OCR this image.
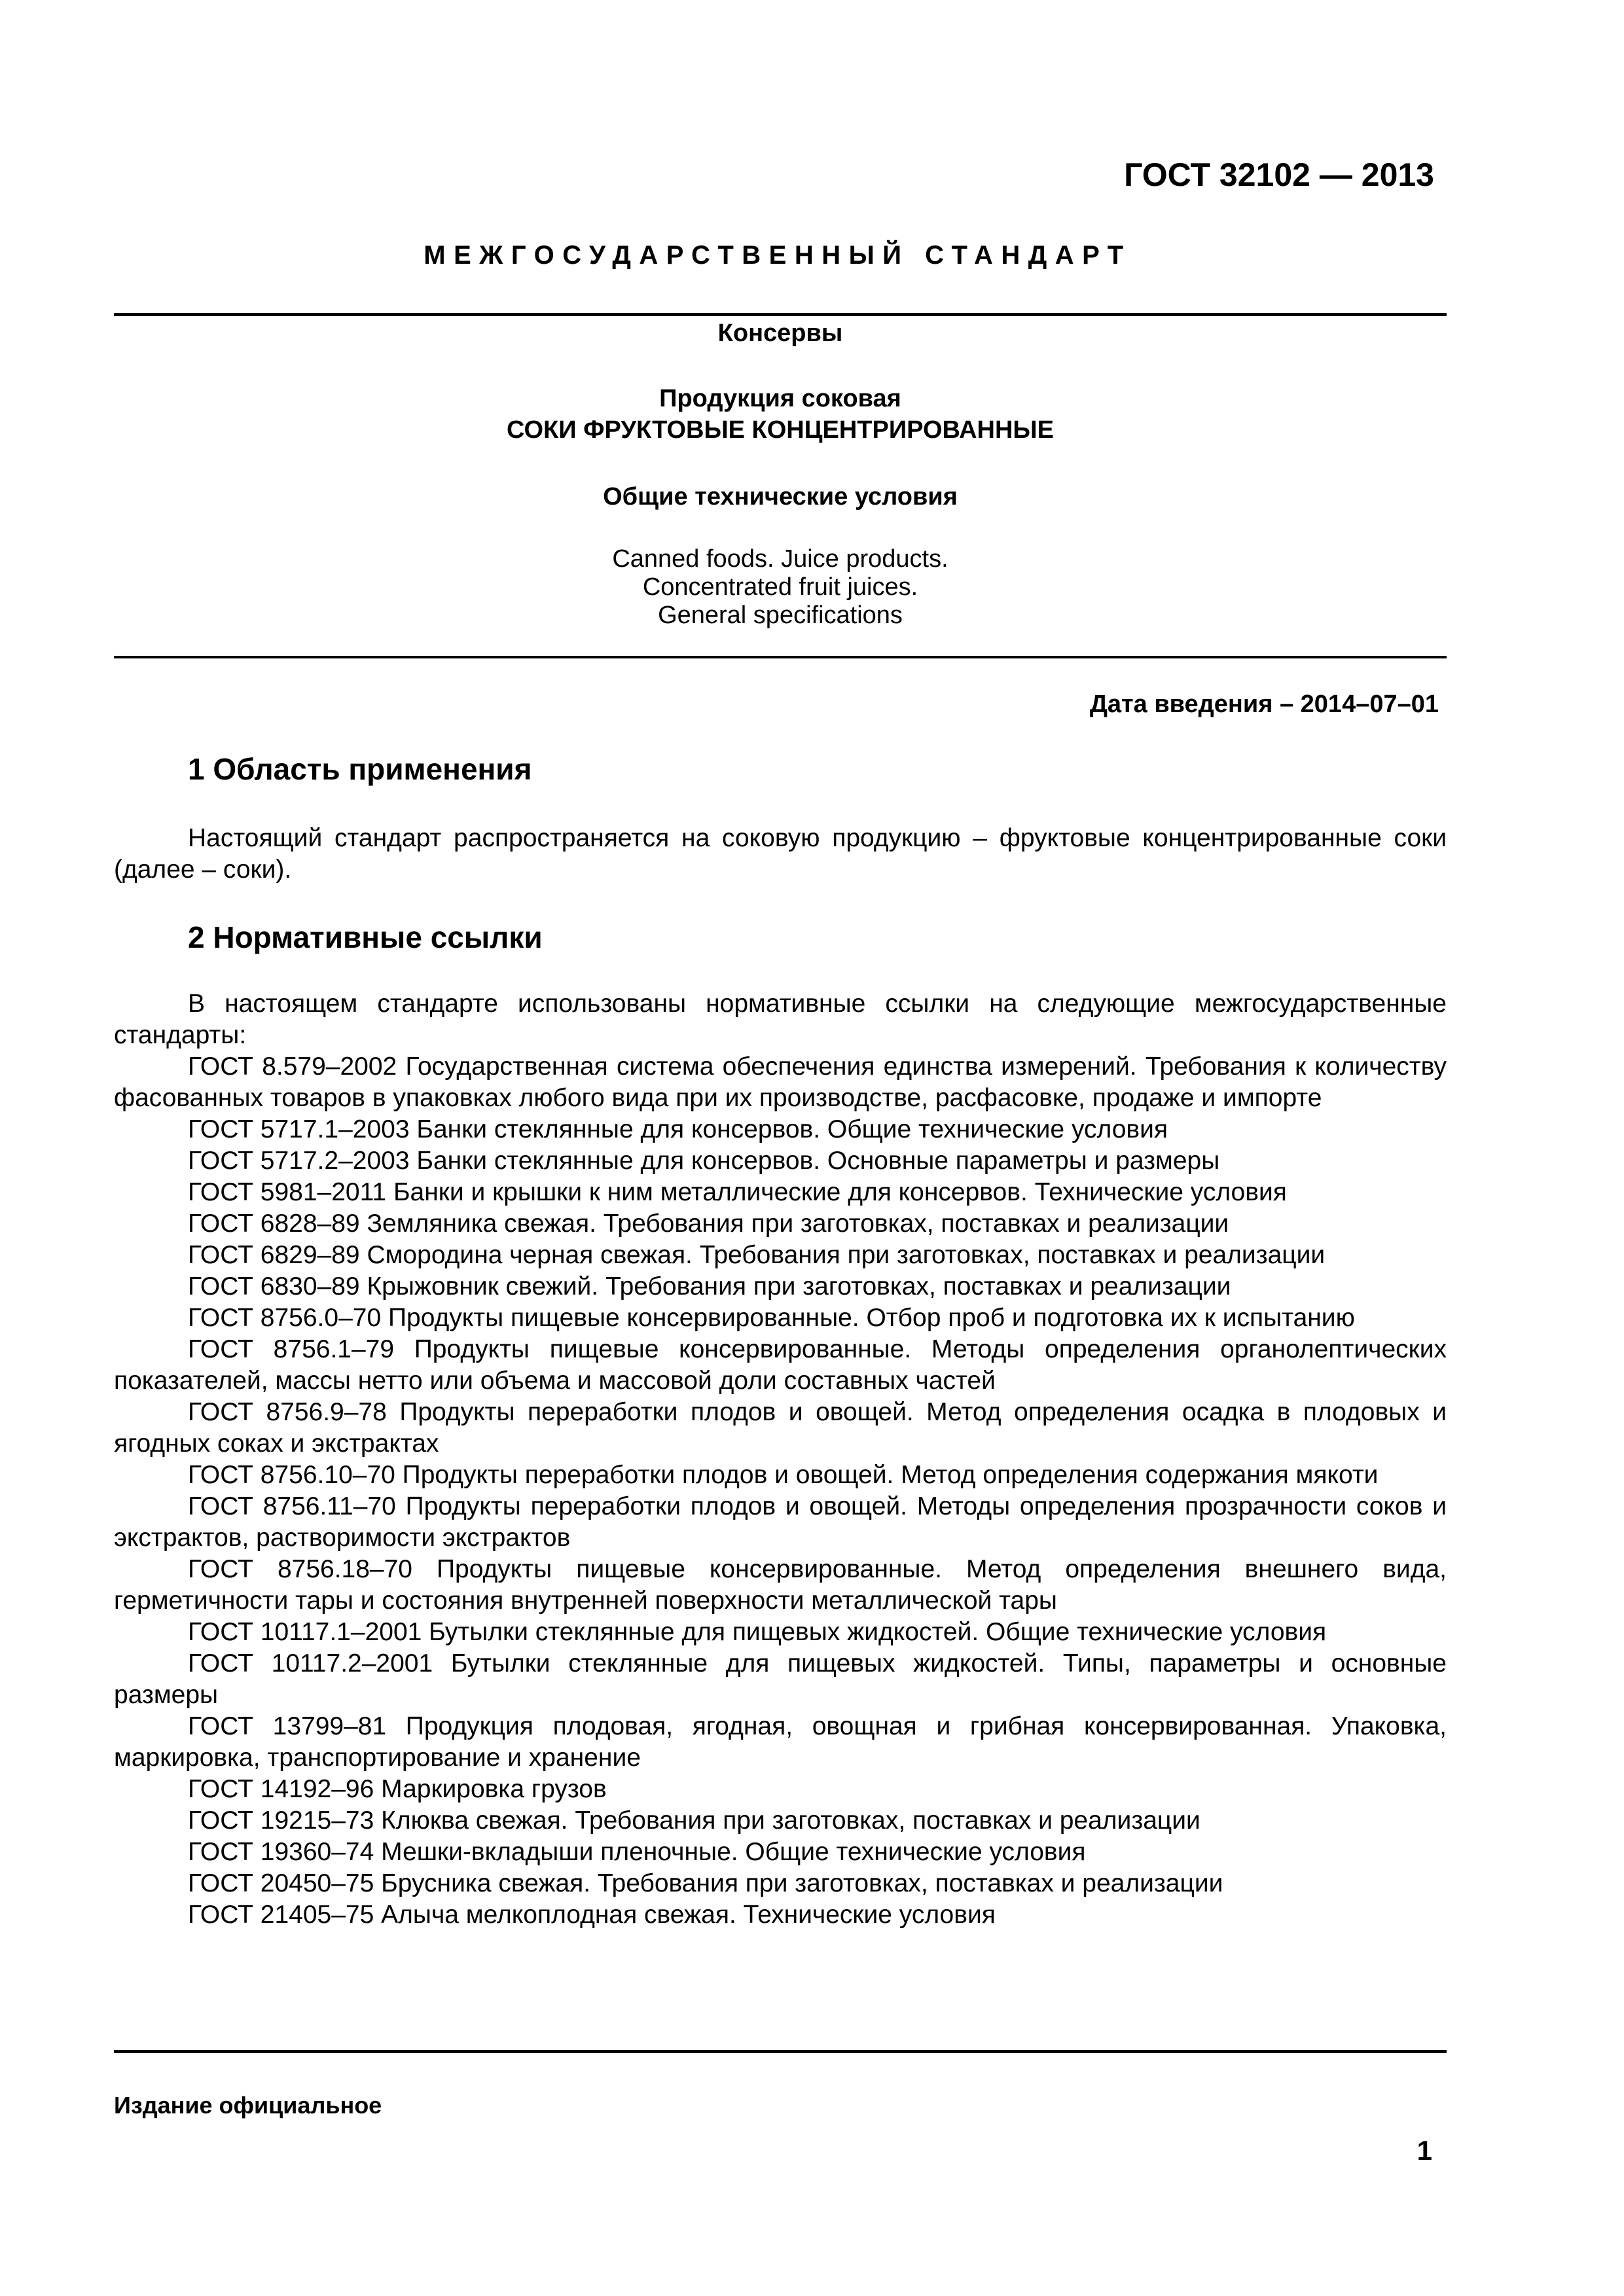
ГОСТ 32102 — 2013
МЕЖГОСУДАРСТВЕННЫЙ СТАНДАРТ
Консервы
Продукция соковая
СОКИ ФРУКТОВЫЕ КОНЦЕНТРИРОВАННЫЕ
Общие технические условия
Canned foods. Juice products.
Concentrated fruit juices.
General specifications
Дата введения – 2014–07–01
1 Область применения

Настоящий стандарт распространяется на соковую продукцию – фруктовые концентрированные соки (далее – соки).

2 Нормативные ссылки

В настоящем стандарте использованы нормативные ссылки на следующие межгосударственные стандарты:

ГОСТ 8.579–2002 Государственная система обеспечения единства измерений. Требования к количеству фасованных товаров в упаковках любого вида при их производстве, расфасовке, продаже и импорте

ГОСТ 5717.1–2003 Банки стеклянные для консервов. Общие технические условия

ГОСТ 5717.2–2003 Банки стеклянные для консервов. Основные параметры и размеры

ГОСТ 5981–2011 Банки и крышки к ним металлические для консервов. Технические условия

ГОСТ 6828–89 Земляника свежая. Требования при заготовках, поставках и реализации

ГОСТ 6829–89 Смородина черная свежая. Требования при заготовках, поставках и реализации

ГОСТ 6830–89 Крыжовник свежий. Требования при заготовках, поставках и реализации

ГОСТ 8756.0–70 Продукты пищевые консервированные. Отбор проб и подготовка их к испытанию

ГОСТ 8756.1–79 Продукты пищевые консервированные. Методы определения органолептических показателей, массы нетто или объема и массовой доли составных частей

ГОСТ 8756.9–78 Продукты переработки плодов и овощей. Метод определения осадка в плодовых и ягодных соках и экстрактах

ГОСТ 8756.10–70 Продукты переработки плодов и овощей. Метод определения содержания мякоти

ГОСТ 8756.11–70 Продукты переработки плодов и овощей. Методы определения прозрачности соков и экстрактов, растворимости экстрактов

ГОСТ 8756.18–70 Продукты пищевые консервированные. Метод определения внешнего вида, герметичности тары и состояния внутренней поверхности металлической тары

ГОСТ 10117.1–2001 Бутылки стеклянные для пищевых жидкостей. Общие технические условия

ГОСТ 10117.2–2001 Бутылки стеклянные для пищевых жидкостей. Типы, параметры и основные размеры

ГОСТ 13799–81 Продукция плодовая, ягодная, овощная и грибная консервированная. Упаковка, маркировка, транспортирование и хранение

ГОСТ 14192–96 Маркировка грузов

ГОСТ 19215–73 Клюква свежая. Требования при заготовках, поставках и реализации

ГОСТ 19360–74 Мешки-вкладыши пленочные. Общие технические условия

ГОСТ 20450–75 Брусника свежая. Требования при заготовках, поставках и реализации

ГОСТ 21405–75 Алыча мелкоплодная свежая. Технические условия

Издание официальное
1
